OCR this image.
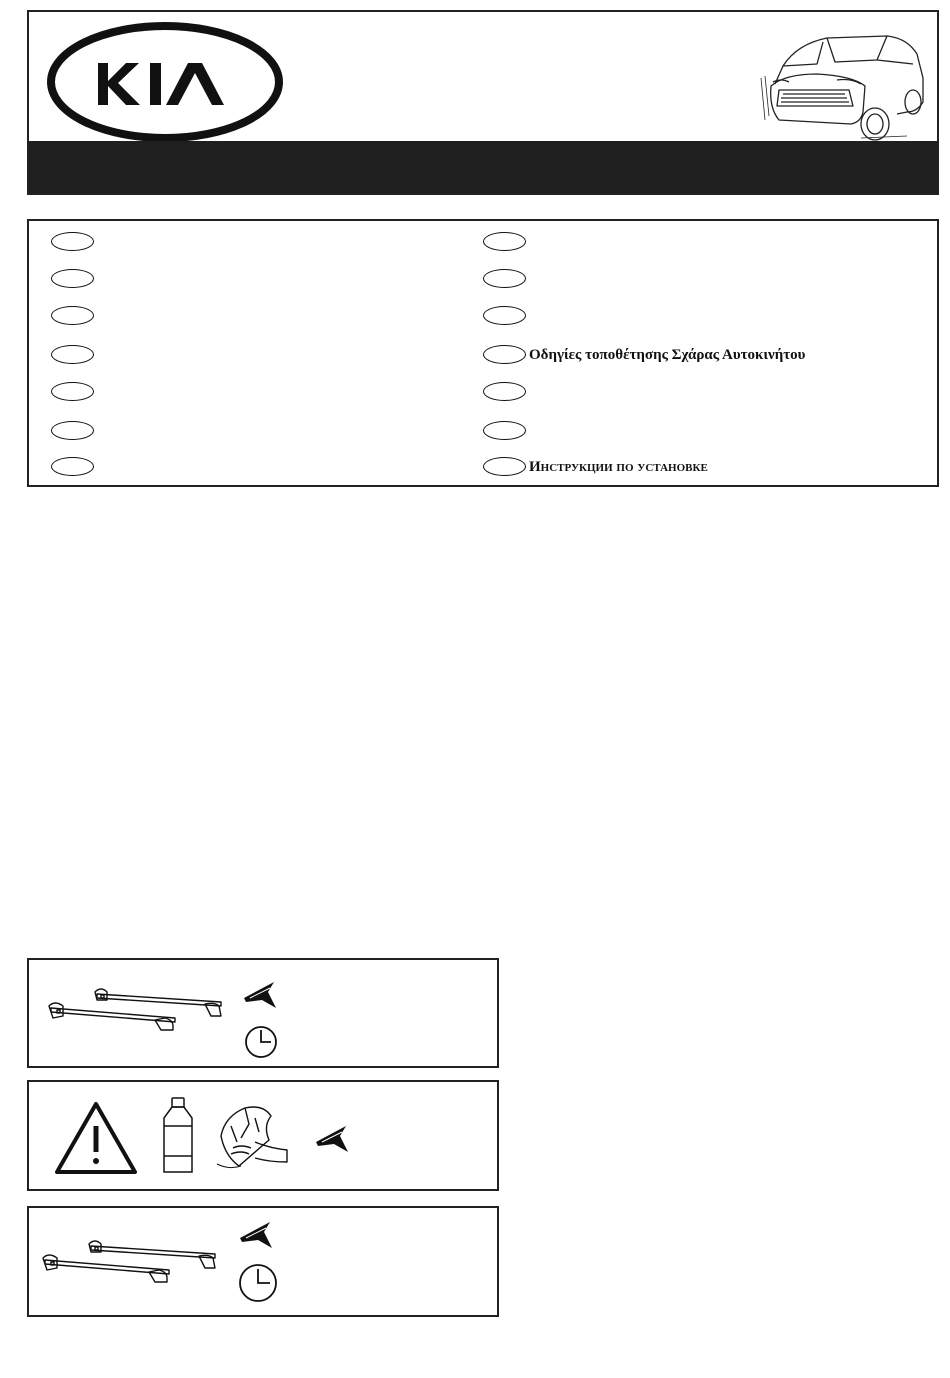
Οδηγίες τοποθέτησης Σχάρας Αυτοκινήτου
Инструкции по установке
